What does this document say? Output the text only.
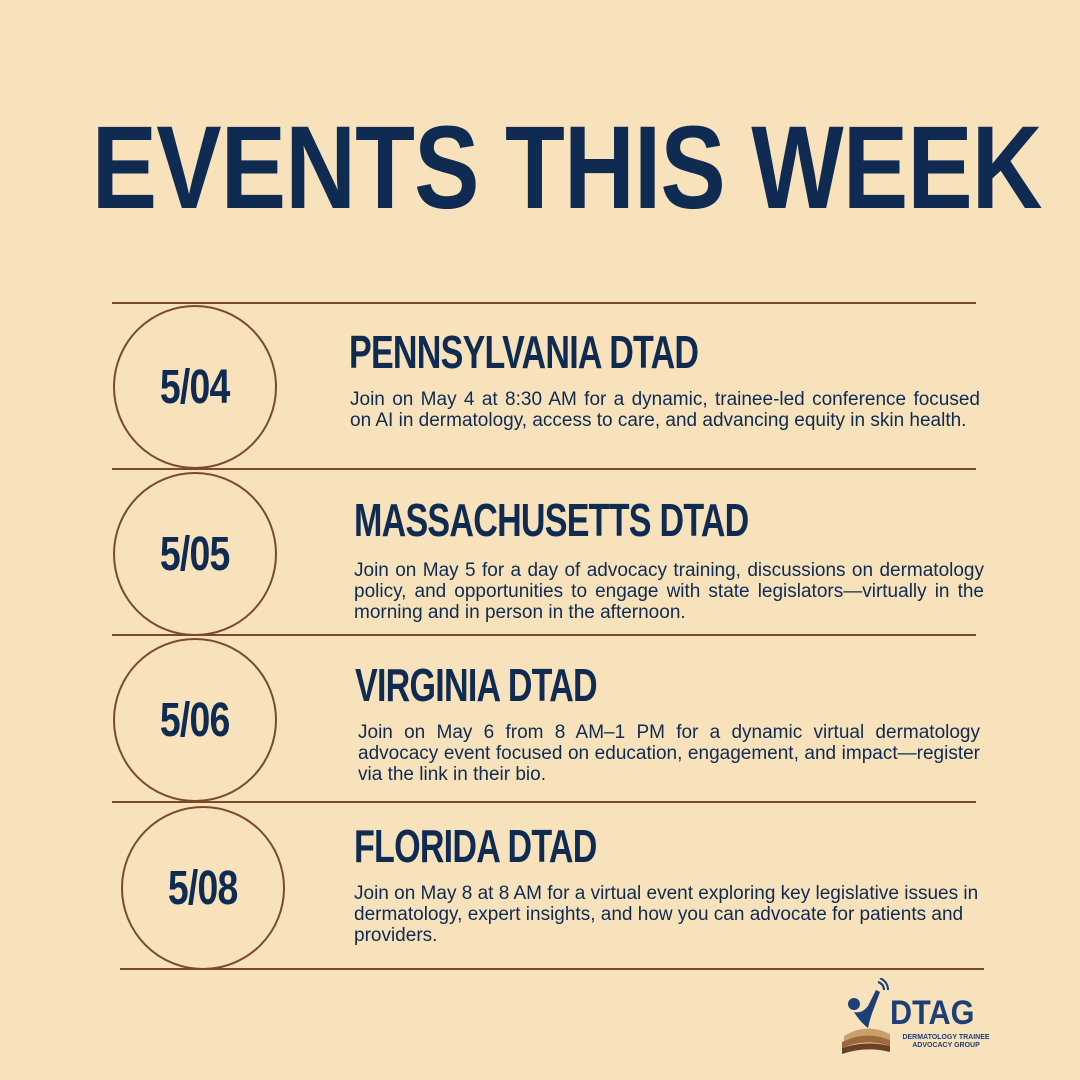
EVENTS THIS WEEK
5/04
PENNSYLVANIA DTAD
Join on May 4 at 8:30 AM for a dynamic, trainee-led conference focused on AI in dermatology, access to care, and advancing equity in skin health.
5/05
MASSACHUSETTS DTAD
Join on May 5 for a day of advocacy training, discussions on dermatology policy, and opportunities to engage with state legislators—virtually in the morning and in person in the afternoon.
5/06
VIRGINIA DTAD
Join on May 6 from 8 AM–1 PM for a dynamic virtual dermatology advocacy event focused on education, engagement, and impact—register via the link in their bio.
5/08
FLORIDA DTAD
Join on May 8 at 8 AM for a virtual event exploring key legislative issues in dermatology, expert insights, and how you can advocate for patients and providers.
DTAG
DERMATOLOGY TRAINEE ADVOCACY GROUP
